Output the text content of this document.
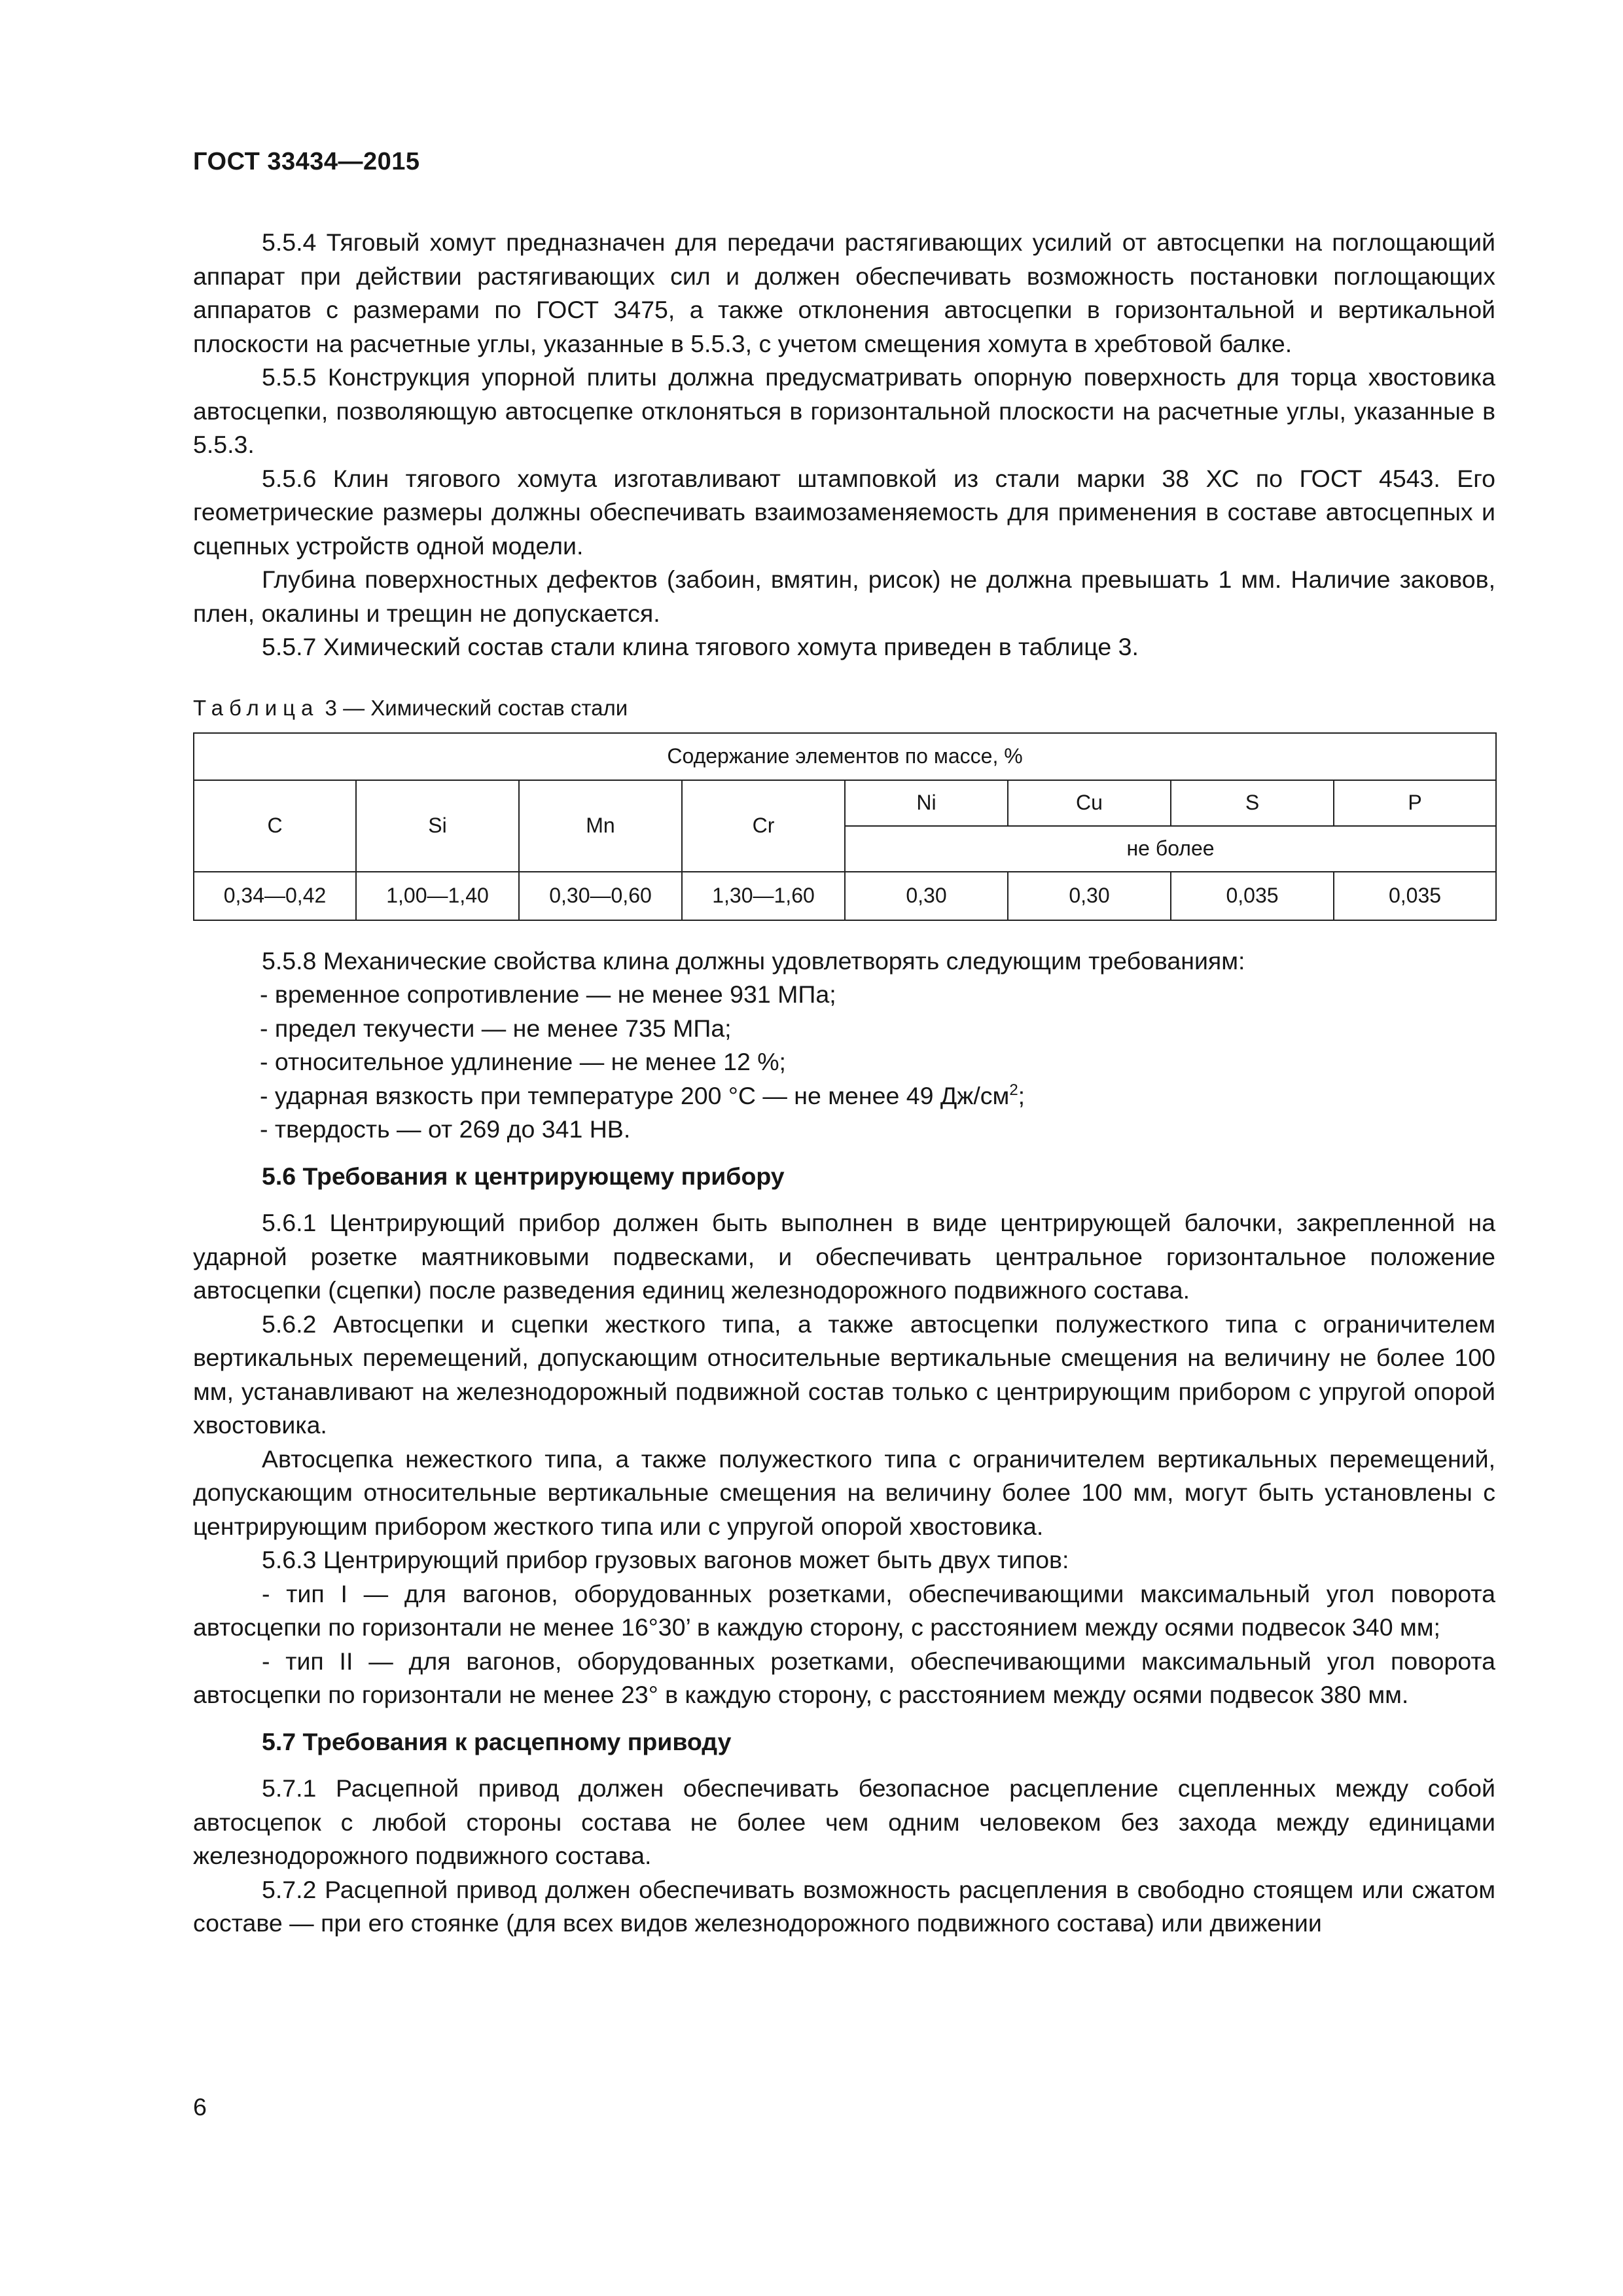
ГОСТ 33434—2015

5.5.4 Тяговый хомут предназначен для передачи растягивающих усилий от автосцепки на поглощающий аппарат при действии растягивающих сил и должен обеспечивать возможность постановки поглощающих аппаратов с размерами по ГОСТ 3475, а также отклонения автосцепки в горизонтальной и вертикальной плоскости на расчетные углы, указанные в 5.5.3, с учетом смещения хомута в хребтовой балке.

5.5.5 Конструкция упорной плиты должна предусматривать опорную поверхность для торца хвостовика автосцепки, позволяющую автосцепке отклоняться в горизонтальной плоскости на расчетные углы, указанные в 5.5.3.

5.5.6 Клин тягового хомута изготавливают штамповкой из стали марки 38 ХС по ГОСТ 4543. Его геометрические размеры должны обеспечивать взаимозаменяемость для применения в составе автосцепных и сцепных устройств одной модели.

Глубина поверхностных дефектов (забоин, вмятин, рисок) не должна превышать 1 мм. Наличие заковов, плен, окалины и трещин не допускается.

5.5.7 Химический состав стали клина тягового хомута приведен в таблице 3.

Таблица 3 — Химический состав стали

Содержание элементов по массе, %							
C	Si	Mn	Cr	Ni	Cu	S	P
				не более			
0,34—0,42	1,00—1,40	0,30—0,60	1,30—1,60	0,30	0,30	0,035	0,035

5.5.8 Механические свойства клина должны удовлетворять следующим требованиям:

- временное сопротивление — не менее 931 МПа;

- предел текучести — не менее 735 МПа;

- относительное удлинение — не менее 12 %;

- ударная вязкость при температуре 200 °С — не менее 49 $Дж/см^2$;

- твердость — от 269 до 341 НВ.

5.6 Требования к центрирующему прибору

5.6.1 Центрирующий прибор должен быть выполнен в виде центрирующей балочки, закрепленной на ударной розетке маятниковыми подвесками, и обеспечивать центральное горизонтальное положение автосцепки (сцепки) после разведения единиц железнодорожного подвижного состава.

5.6.2 Автосцепки и сцепки жесткого типа, а также автосцепки полужесткого типа с ограничителем вертикальных перемещений, допускающим относительные вертикальные смещения на величину не более 100 мм, устанавливают на железнодорожный подвижной состав только с центрирующим прибором с упругой опорой хвостовика.

Автосцепка нежесткого типа, а также полужесткого типа с ограничителем вертикальных перемещений, допускающим относительные вертикальные смещения на величину более 100 мм, могут быть установлены с центрирующим прибором жесткого типа или с упругой опорой хвостовика.

5.6.3 Центрирующий прибор грузовых вагонов может быть двух типов:

- тип I — для вагонов, оборудованных розетками, обеспечивающими максимальный угол поворота автосцепки по горизонтали не менее 16°30’ в каждую сторону, с расстоянием между осями подвесок 340 мм;

- тип II — для вагонов, оборудованных розетками, обеспечивающими максимальный угол поворота автосцепки по горизонтали не менее 23° в каждую сторону, с расстоянием между осями подвесок 380 мм.

5.7 Требования к расцепному приводу

5.7.1 Расцепной привод должен обеспечивать безопасное расцепление сцепленных между собой автосцепок с любой стороны состава не более чем одним человеком без захода между единицами железнодорожного подвижного состава.

5.7.2 Расцепной привод должен обеспечивать возможность расцепления в свободно стоящем или сжатом составе — при его стоянке (для всех видов железнодорожного подвижного состава) или движении

6
